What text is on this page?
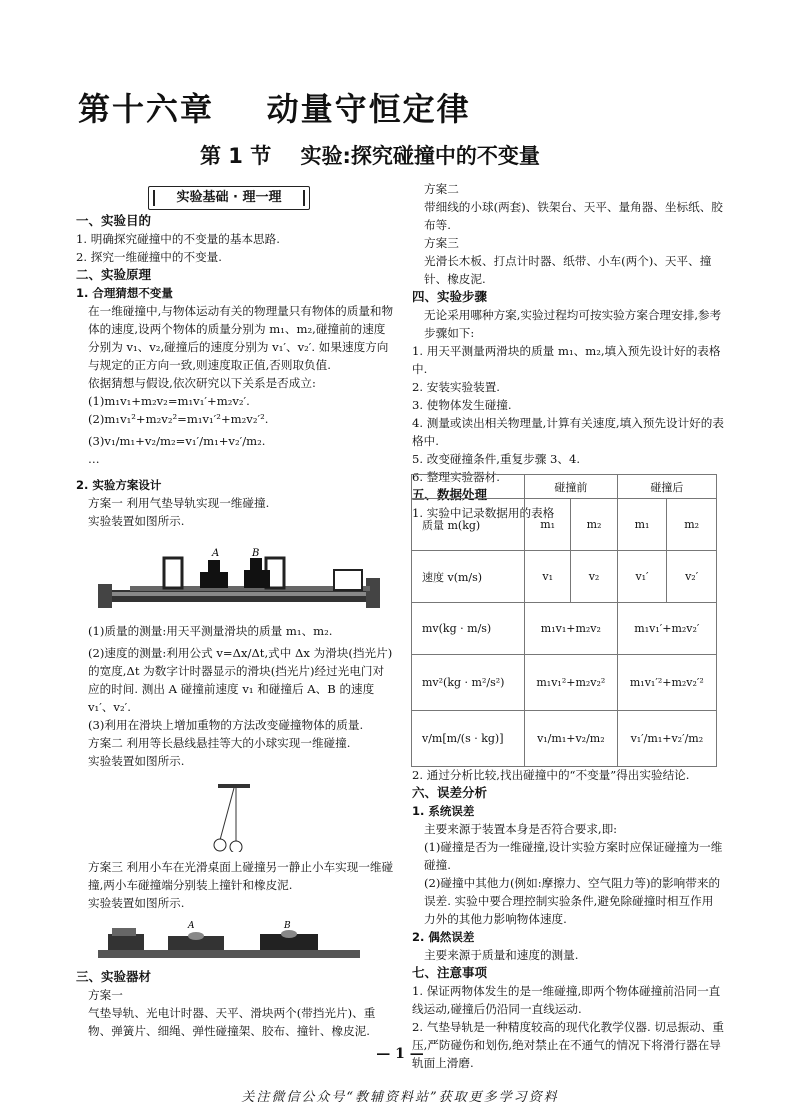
第十六章    动量守恒定律
第 1 节    实验:探究碰撞中的不变量
实验基础 · 理一理

一、实验目的

1. 明确探究碰撞中的不变量的基本思路.

2. 探究一维碰撞中的不变量.

二、实验原理

1. 合理猜想不变量

在一维碰撞中,与物体运动有关的物理量只有物体的质量和物体的速度,设两个物体的质量分别为 m₁、m₂,碰撞前的速度分别为 v₁、v₂,碰撞后的速度分别为 v₁′、v₂′. 如果速度方向与规定的正方向一致,则速度取正值,否则取负值.

依据猜想与假设,依次研究以下关系是否成立:

(1)m₁v₁+m₂v₂=m₁v₁′+m₂v₂′.

(2)m₁v₁²+m₂v₂²=m₁v₁′²+m₂v₂′².

(3)v₁/m₁+v₂/m₂=v₁′/m₁+v₂′/m₂.

…

2. 实验方案设计

方案一 利用气垫导轨实现一维碰撞.

实验装置如图所示.

A	B

(1)质量的测量:用天平测量滑块的质量 m₁、m₂.

(2)速度的测量:利用公式 v=Δx/Δt,式中 Δx 为滑块(挡光片)的宽度,Δt 为数字计时器显示的滑块(挡光片)经过光电门对应的时间. 测出 A 碰撞前速度 v₁ 和碰撞后 A、B 的速度 v₁′、v₂′.

(3)利用在滑块上增加重物的方法改变碰撞物体的质量.

方案二 利用等长悬线悬挂等大的小球实现一维碰撞.

实验装置如图所示.

方案三 利用小车在光滑桌面上碰撞另一静止小车实现一维碰撞,两小车碰撞端分别装上撞针和橡皮泥.

实验装置如图所示.

A	B

三、实验器材

方案一

气垫导轨、光电计时器、天平、滑块两个(带挡光片)、重物、弹簧片、细绳、弹性碰撞架、胶布、撞针、橡皮泥.

方案二

带细线的小球(两套)、铁架台、天平、量角器、坐标纸、胶布等.

方案三

光滑长木板、打点计时器、纸带、小车(两个)、天平、撞针、橡皮泥.

四、实验步骤

无论采用哪种方案,实验过程均可按实验方案合理安排,参考步骤如下:

1. 用天平测量两滑块的质量 m₁、m₂,填入预先设计好的表格中.

2. 安装实验装置.

3. 使物体发生碰撞.

4. 测量或读出相关物理量,计算有关速度,填入预先设计好的表格中.

5. 改变碰撞条件,重复步骤 3、4.

6. 整理实验器材.

五、数据处理

1. 实验中记录数据用的表格

	碰撞前		碰撞后	
质量 m(kg)	m₁	m₂	m₁	m₂
速度 v(m/s)	v₁	v₂	v₁′	v₂′
mv(kg · m/s)	m₁v₁+m₂v₂		m₁v₁′+m₂v₂′	
mv²(kg · m²/s²)	m₁v₁²+m₂v₂²		m₁v₁′²+m₂v₂′²	
v/m[m/(s · kg)]	v₁/m₁+v₂/m₂		v₁′/m₁+v₂′/m₂	

2. 通过分析比较,找出碰撞中的“不变量”得出实验结论.

六、误差分析

1. 系统误差

主要来源于装置本身是否符合要求,即:

(1)碰撞是否为一维碰撞,设计实验方案时应保证碰撞为一维碰撞.

(2)碰撞中其他力(例如:摩擦力、空气阻力等)的影响带来的误差. 实验中要合理控制实验条件,避免除碰撞时相互作用力外的其他力影响物体速度.

2. 偶然误差

主要来源于质量和速度的测量.

七、注意事项

1. 保证两物体发生的是一维碰撞,即两个物体碰撞前沿同一直线运动,碰撞后仍沿同一直线运动.

2. 气垫导轨是一种精度较高的现代化教学仪器. 切忌振动、重压,严防碰伤和划伤,绝对禁止在不通气的情况下将滑行器在导轨面上滑磨.

— 1 —
关注微信公众号“教辅资料站”获取更多学习资料
